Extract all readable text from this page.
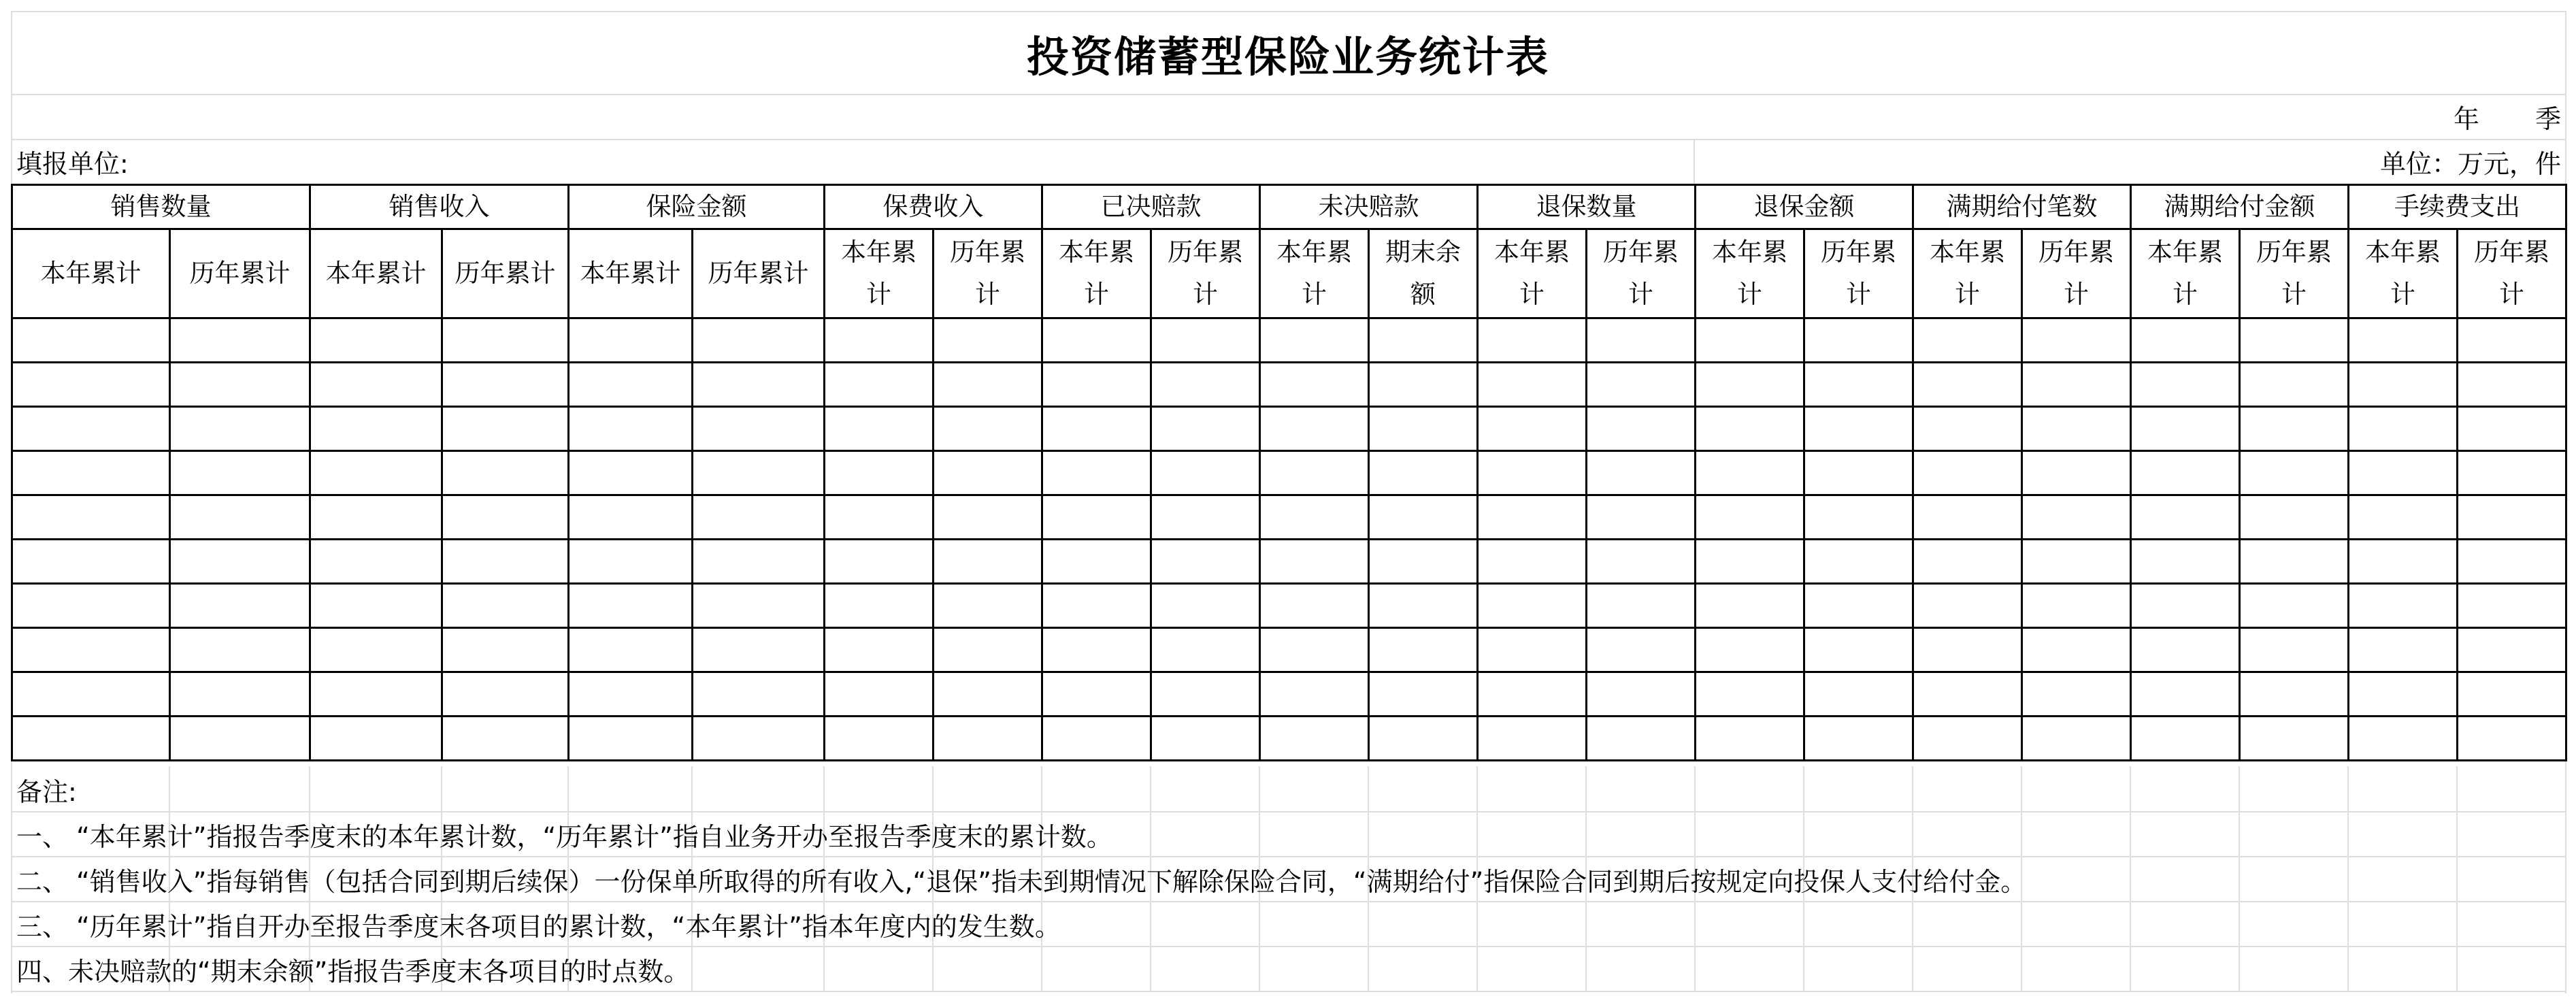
投资储蓄型保险业务统计表
年 季
填报单位:	单位：万元，件
销售数量		销售收入		保险金额		保费收入		已决赔款		未决赔款		退保数量		退保金额		满期给付笔数		满期给付金额		手续费支出	
本年累计	历年累计	本年累计	历年累计	本年累计	历年累计	本年累计	历年累计	本年累计	历年累计	本年累计	期末余额	本年累计	历年累计	本年累计	历年累计	本年累计	历年累计	本年累计	历年累计	本年累计	历年累计

备注:
一、 “本年累计”指报告季度末的本年累计数，“历年累计”指自业务开办至报告季度末的累计数。
二、 “销售收入”指每销售（包括合同到期后续保）一份保单所取得的所有收入,“退保”指未到期情况下解除保险合同，“满期给付”指保险合同到期后按规定向投保人支付给付金。
三、 “历年累计”指自开办至报告季度末各项目的累计数，“本年累计”指本年度内的发生数。
四、未决赔款的“期末余额”指报告季度末各项目的时点数。
